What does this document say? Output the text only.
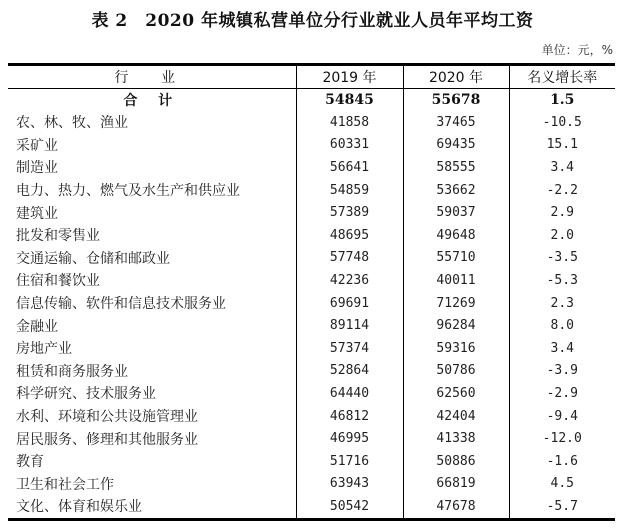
表 2　2020 年城镇私营单位分行业就业人员年平均工资
单位：元，%
行 业	2019 年	2020 年	名义增长率
合 计	54845	55678	1.5
农、林、牧、渔业	41858	37465	-10.5
采矿业	60331	69435	15.1
制造业	56641	58555	3.4
电力、热力、燃气及水生产和供应业	54859	53662	-2.2
建筑业	57389	59037	2.9
批发和零售业	48695	49648	2.0
交通运输、仓储和邮政业	57748	55710	-3.5
住宿和餐饮业	42236	40011	-5.3
信息传输、软件和信息技术服务业	69691	71269	2.3
金融业	89114	96284	8.0
房地产业	57374	59316	3.4
租赁和商务服务业	52864	50786	-3.9
科学研究、技术服务业	64440	62560	-2.9
水利、环境和公共设施管理业	46812	42404	-9.4
居民服务、修理和其他服务业	46995	41338	-12.0
教育	51716	50886	-1.6
卫生和社会工作	63943	66819	4.5
文化、体育和娱乐业	50542	47678	-5.7
